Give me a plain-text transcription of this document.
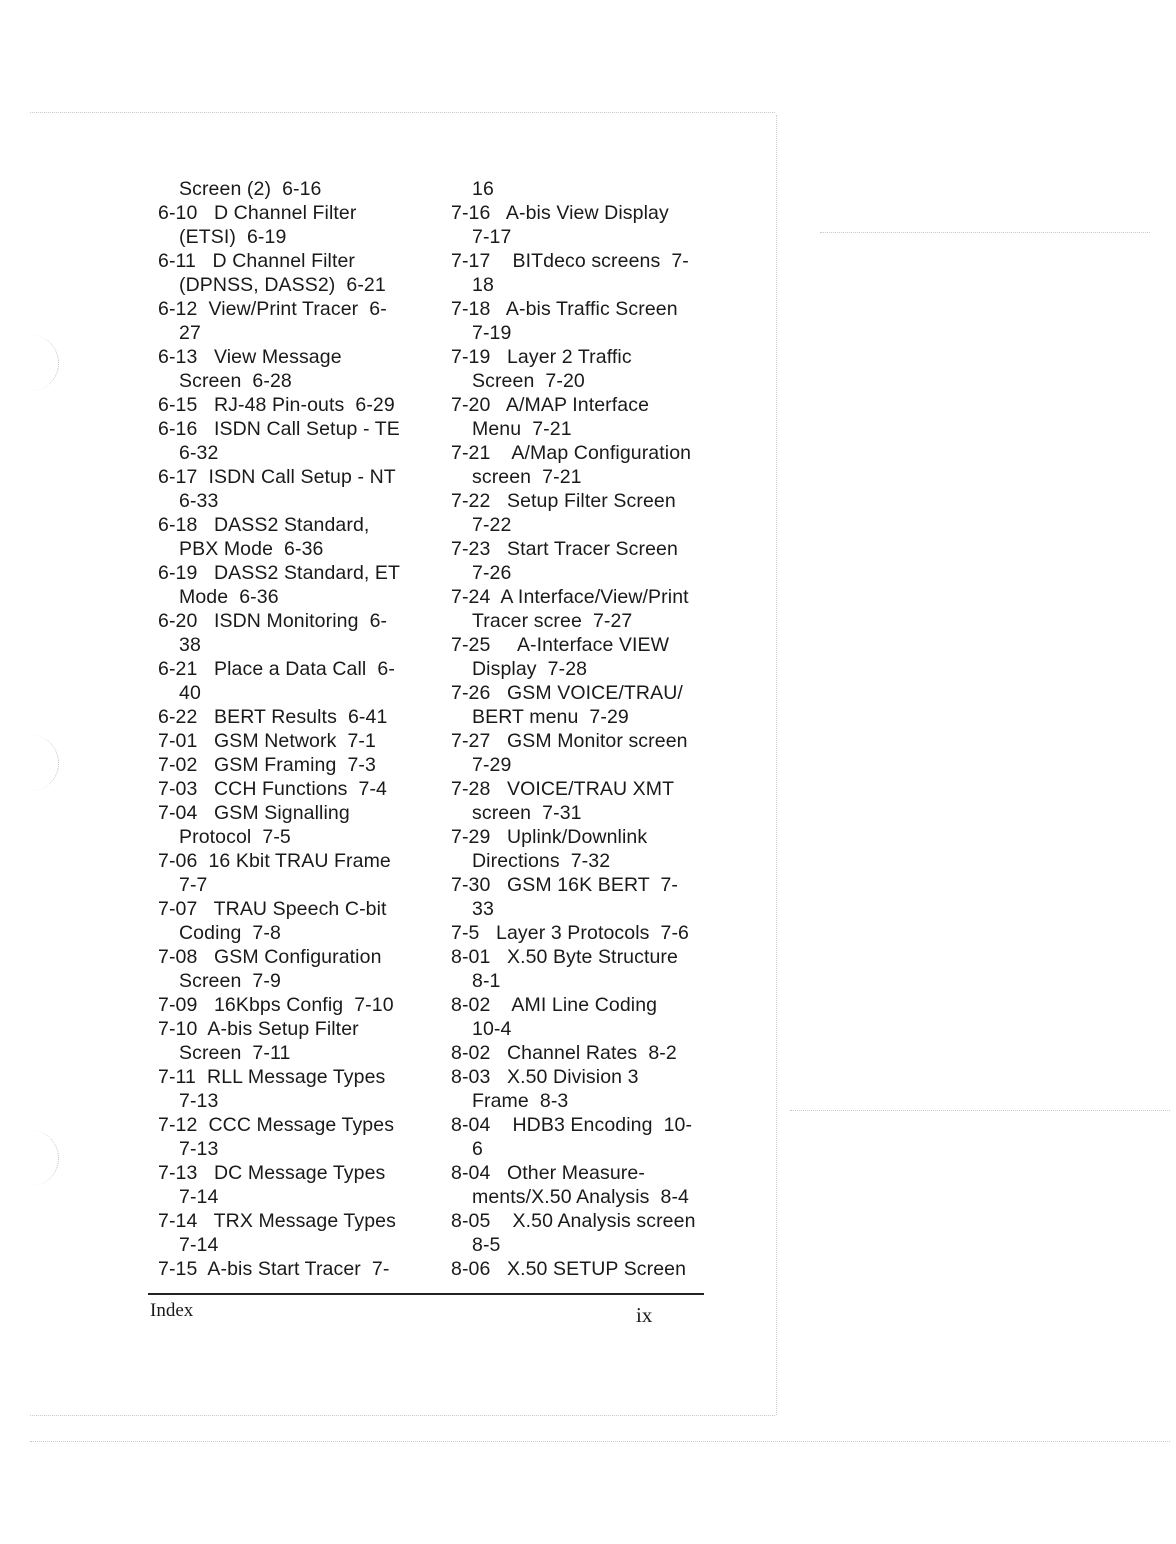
Screen (2)  6-16
6-10   D Channel Filter
(ETSI)  6-19
6-11   D Channel Filter
(DPNSS, DASS2)  6-21
6-12  View/Print Tracer  6-
27
6-13   View Message
Screen  6-28
6-15   RJ-48 Pin-outs  6-29
6-16   ISDN Call Setup - TE
6-32
6-17  ISDN Call Setup - NT
6-33
6-18   DASS2 Standard,
PBX Mode  6-36
6-19   DASS2 Standard, ET
Mode  6-36
6-20   ISDN Monitoring  6-
38
6-21   Place a Data Call  6-
40
6-22   BERT Results  6-41
7-01   GSM Network  7-1
7-02   GSM Framing  7-3
7-03   CCH Functions  7-4
7-04   GSM Signalling
Protocol  7-5
7-06  16 Kbit TRAU Frame
7-7
7-07   TRAU Speech C-bit
Coding  7-8
7-08   GSM Configuration
Screen  7-9
7-09   16Kbps Config  7-10
7-10  A-bis Setup Filter
Screen  7-11
7-11  RLL Message Types
7-13
7-12  CCC Message Types
7-13
7-13   DC Message Types
7-14
7-14   TRX Message Types
7-14
7-15  A-bis Start Tracer  7-
16
7-16   A-bis View Display
7-17
7-17    BITdeco screens  7-
18
7-18   A-bis Traffic Screen
7-19
7-19   Layer 2 Traffic
Screen  7-20
7-20   A/MAP Interface
Menu  7-21
7-21    A/Map Configuration
screen  7-21
7-22   Setup Filter Screen
7-22
7-23   Start Tracer Screen
7-26
7-24  A Interface/View/Print
Tracer scree  7-27
7-25     A-Interface VIEW
Display  7-28
7-26   GSM VOICE/TRAU/
BERT menu  7-29
7-27   GSM Monitor screen
7-29
7-28   VOICE/TRAU XMT
screen  7-31
7-29   Uplink/Downlink
Directions  7-32
7-30   GSM 16K BERT  7-
33
7-5   Layer 3 Protocols  7-6
8-01   X.50 Byte Structure
8-1
8-02    AMI Line Coding
10-4
8-02   Channel Rates  8-2
8-03   X.50 Division 3
Frame  8-3
8-04    HDB3 Encoding  10-
6
8-04   Other Measure-
ments/X.50 Analysis  8-4
8-05    X.50 Analysis screen
8-5
8-06   X.50 SETUP Screen
Index	ix
